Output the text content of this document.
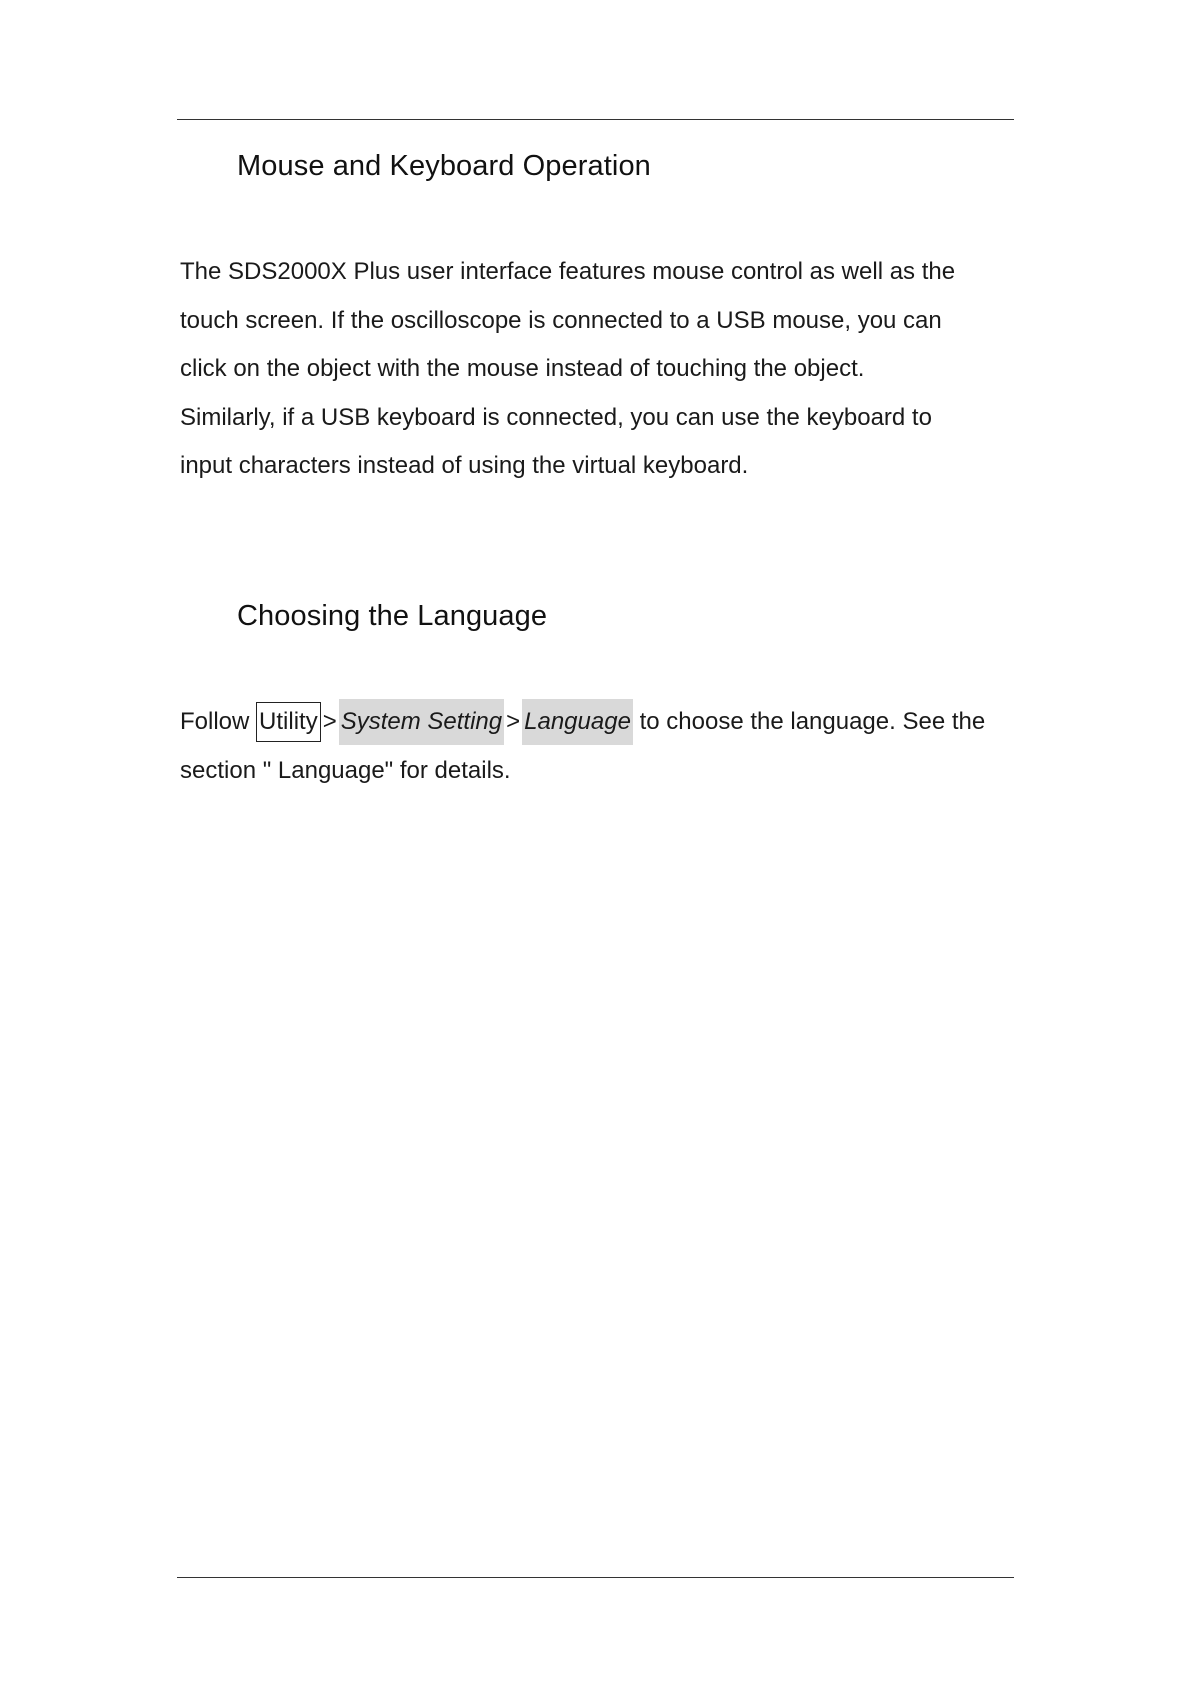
Mouse and Keyboard Operation

The SDS2000X Plus user interface features mouse control as well as the
touch screen. If the oscilloscope is connected to a USB mouse, you can
click on the object with the mouse instead of touching the object.
Similarly, if a USB keyboard is connected, you can use the keyboard to
input characters instead of using the virtual keyboard.

Choosing the Language

Follow Utility > System Setting > Language to choose the language. See the
section " Language" for details.
